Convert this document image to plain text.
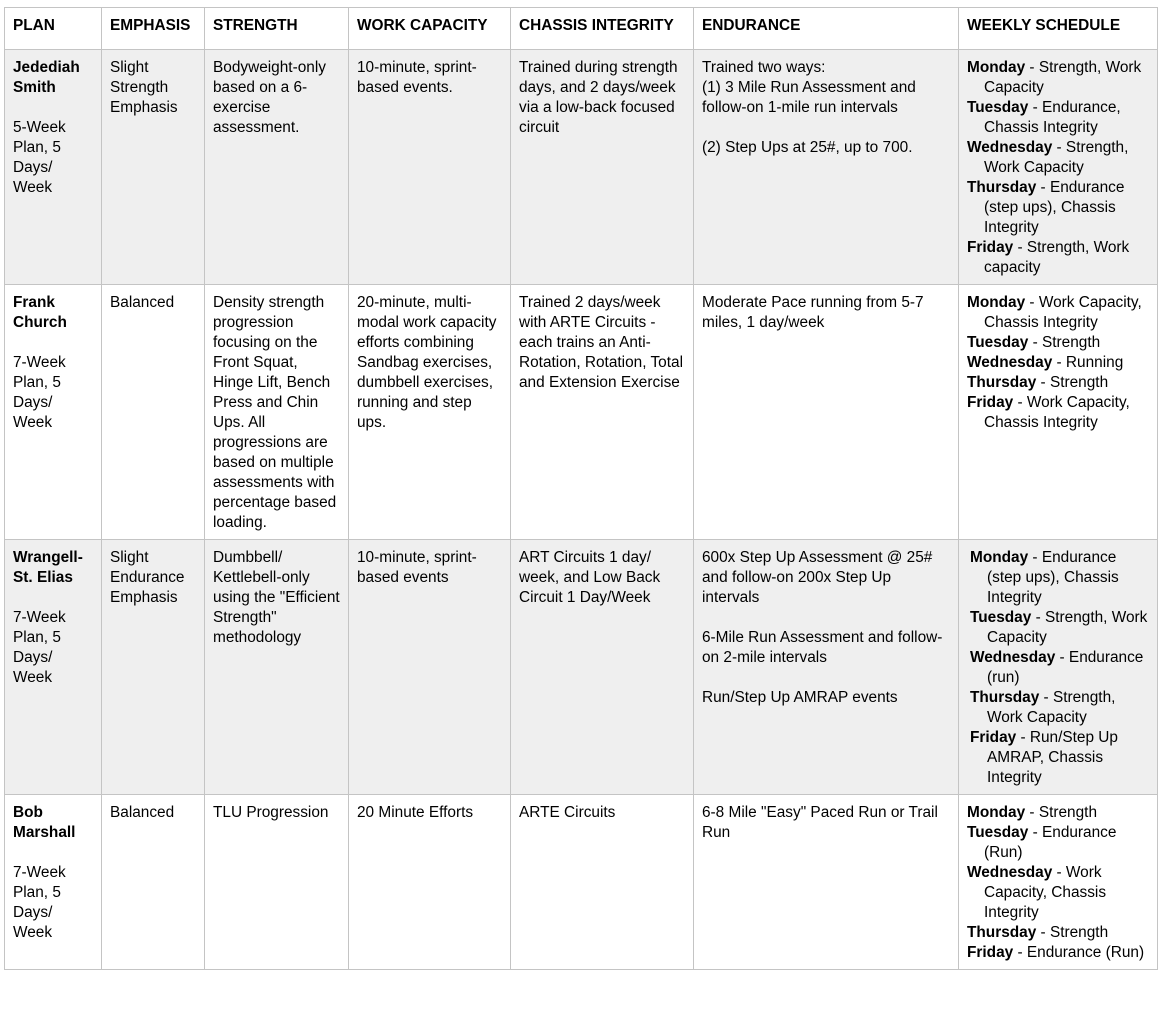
PLAN	EMPHASIS	STRENGTH	WORK CAPACITY	CHASSIS INTEGRITY	ENDURANCE	WEEKLY SCHEDULE

Jedediah Smith
5-Week Plan, 5 Days/ Week	Slight Strength Emphasis	Bodyweight-only based on a 6-exercise assessment.	10-minute, sprint-based events.	Trained during strength days, and 2 days/week via a low-back focused circuit	Trained two ways:
(1) 3 Mile Run Assessment and follow-on 1-mile run intervals
(2) Step Ups at 25#, up to 700.	Monday - Strength, Work Capacity
Tuesday - Endurance, Chassis Integrity
Wednesday - Strength, Work Capacity
Thursday - Endurance (step ups), Chassis Integrity
Friday - Strength, Work capacity

Frank Church
7-Week Plan, 5 Days/ Week	Balanced	Density strength progression focusing on the Front Squat, Hinge Lift, Bench Press and Chin Ups. All progressions are based on multiple assessments with percentage based loading.	20-minute, multi-modal work capacity efforts combining Sandbag exercises, dumbbell exercises, running and step ups.	Trained 2 days/week with ARTE Circuits - each trains an Anti-Rotation, Rotation, Total and Extension Exercise	Moderate Pace running from 5-7 miles, 1 day/week	Monday - Work Capacity, Chassis Integrity
Tuesday - Strength
Wednesday - Running
Thursday - Strength
Friday - Work Capacity, Chassis Integrity

Wrangell-St. Elias
7-Week Plan, 5 Days/ Week	Slight Endurance Emphasis	Dumbbell/ Kettlebell-only using the "Efficient Strength" methodology	10-minute, sprint-based events	ART Circuits 1 day/ week, and Low Back Circuit 1 Day/Week	600x Step Up Assessment @ 25# and follow-on 200x Step Up intervals
6-Mile Run Assessment and follow-on 2-mile intervals
Run/Step Up AMRAP events	Monday - Endurance (step ups), Chassis Integrity
Tuesday - Strength, Work Capacity
Wednesday - Endurance (run)
Thursday - Strength, Work Capacity
Friday - Run/Step Up AMRAP, Chassis Integrity

Bob Marshall
7-Week Plan, 5 Days/ Week	Balanced	TLU Progression	20 Minute Efforts	ARTE Circuits	6-8 Mile "Easy" Paced Run or Trail Run	Monday - Strength
Tuesday - Endurance (Run)
Wednesday - Work Capacity, Chassis Integrity
Thursday - Strength
Friday - Endurance (Run)
